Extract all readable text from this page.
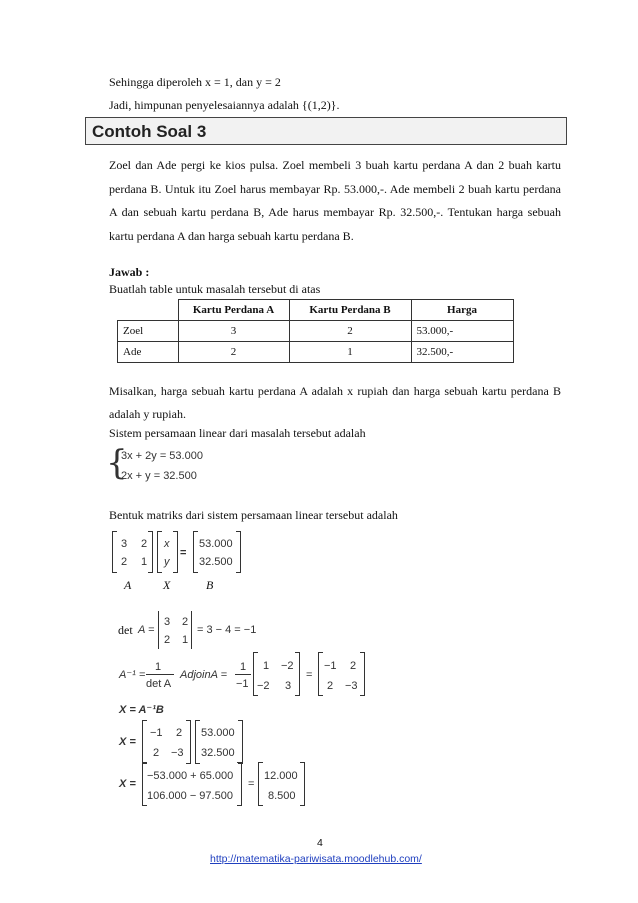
Sehingga diperoleh x = 1, dan y = 2
Jadi, himpunan penyelesaiannya adalah {(1,2)}.
Contoh Soal 3
Zoel dan Ade pergi ke kios pulsa. Zoel membeli 3 buah kartu perdana A dan 2 buah kartu
perdana B. Untuk itu Zoel harus membayar Rp. 53.000,-. Ade membeli 2 buah kartu perdana
A dan sebuah kartu perdana B, Ade harus membayar Rp. 32.500,-. Tentukan harga sebuah
kartu perdana A dan harga sebuah kartu perdana B.
Jawab :
Buatlah table untuk masalah tersebut di atas
	Kartu Perdana A	Kartu Perdana B	Harga
Zoel	3	2	53.000,-
Ade	2	1	32.500,-
Misalkan, harga sebuah kartu perdana A adalah x rupiah dan harga sebuah kartu perdana B
adalah y rupiah.
Sistem persamaan linear dari masalah tersebut adalah
{
3x + 2y = 53.000
2x + y = 32.500
Bentuk matriks dari sistem persamaan linear tersebut adalah
3 2
2 1
x
y
=
53.000
32.500
A	X	B
det A =
3 2
2 1
= 3 − 4 = −1
A⁻¹ =
1
det A
AdjoinA =
1
−1
1 −2
−2 3
=
−1 2
2 −3
X = A⁻¹B
X =
−1 2
2 −3
53.000
32.500
X =
−53.000 + 65.000
106.000 − 97.500
=
12.000
8.500
4
http://matematika-pariwisata.moodlehub.com/
